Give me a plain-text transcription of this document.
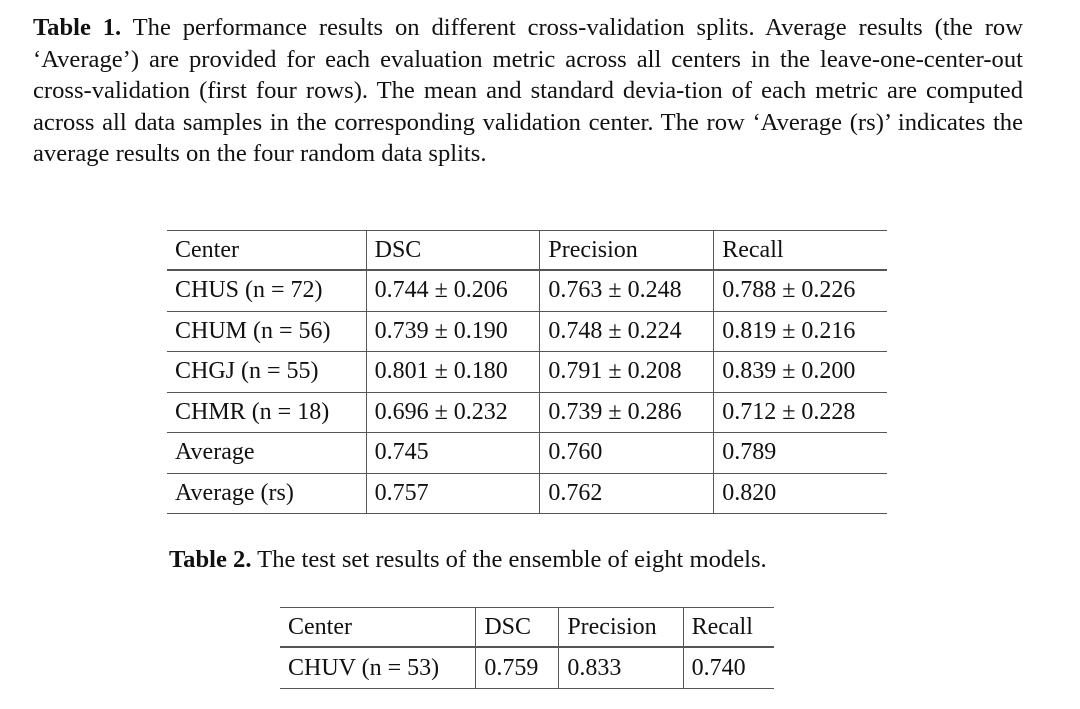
Table 1. The performance results on different cross-validation splits. Average results (the row ‘Average’) are provided for each evaluation metric across all centers in the leave-one-center-out cross-validation (first four rows). The mean and standard devia-tion of each metric are computed across all data samples in the corresponding validation center. The row ‘Average (rs)’ indicates the average results on the four random data splits.
Center	DSC	Precision	Recall
CHUS (n = 72)	0.744 ± 0.206	0.763 ± 0.248	0.788 ± 0.226
CHUM (n = 56)	0.739 ± 0.190	0.748 ± 0.224	0.819 ± 0.216
CHGJ (n = 55)	0.801 ± 0.180	0.791 ± 0.208	0.839 ± 0.200
CHMR (n = 18)	0.696 ± 0.232	0.739 ± 0.286	0.712 ± 0.228
Average	0.745	0.760	0.789
Average (rs)	0.757	0.762	0.820
Table 2. The test set results of the ensemble of eight models.
Center	DSC	Precision	Recall
CHUV (n = 53)	0.759	0.833	0.740
